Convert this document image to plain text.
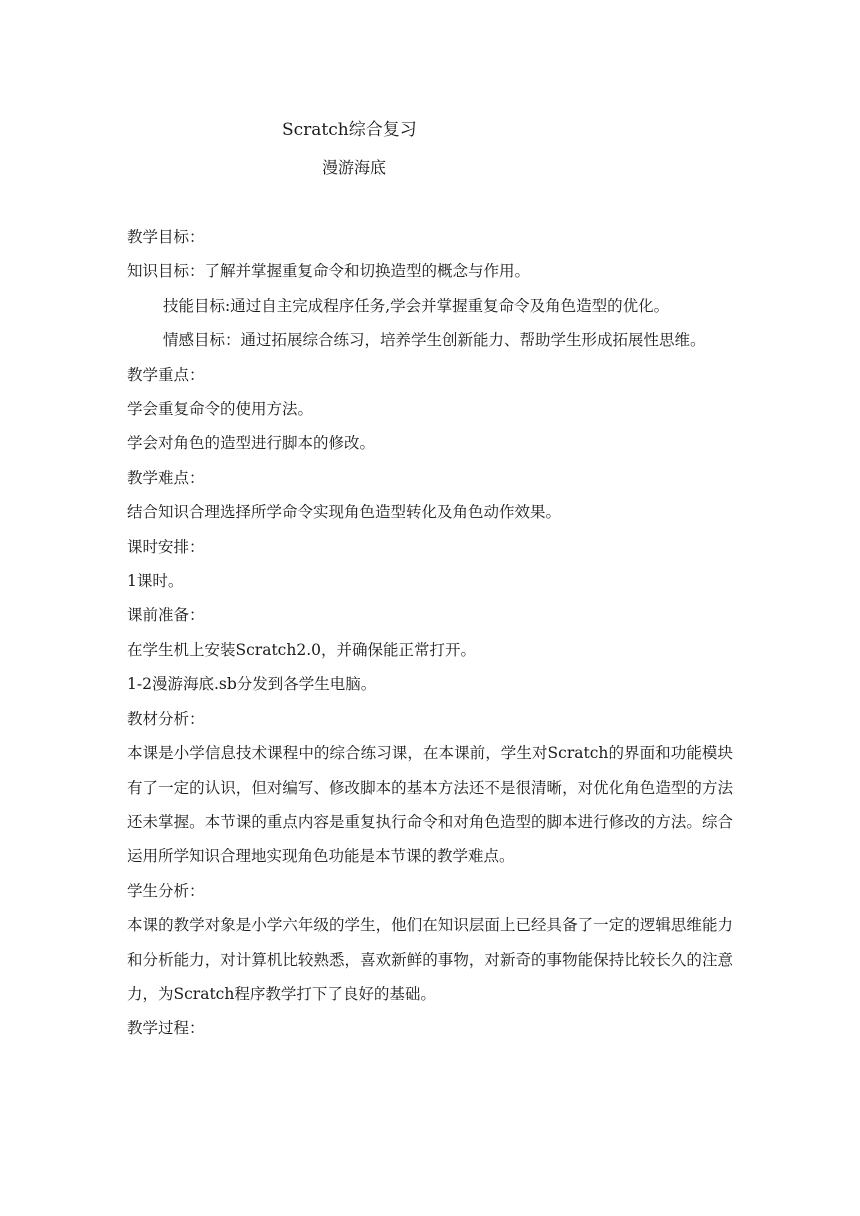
Scratch综合复习
漫游海底

教学目标：

知识目标：了解并掌握重复命令和切换造型的概念与作用。

技能目标:通过自主完成程序任务,学会并掌握重复命令及角色造型的优化。

情感目标：通过拓展综合练习，培养学生创新能力、帮助学生形成拓展性思维。

教学重点：

学会重复命令的使用方法。

学会对角色的造型进行脚本的修改。

教学难点：

结合知识合理选择所学命令实现角色造型转化及角色动作效果。

课时安排：

1课时。

课前准备：

在学生机上安装Scratch2.0，并确保能正常打开。

1-2漫游海底.sb分发到各学生电脑。

教材分析：

本课是小学信息技术课程中的综合练习课，在本课前，学生对Scratch的界面和功能模块有了一定的认识，但对编写、修改脚本的基本方法还不是很清晰，对优化角色造型的方法还未掌握。本节课的重点内容是重复执行命令和对角色造型的脚本进行修改的方法。综合运用所学知识合理地实现角色功能是本节课的教学难点。

学生分析：

本课的教学对象是小学六年级的学生，他们在知识层面上已经具备了一定的逻辑思维能力和分析能力，对计算机比较熟悉，喜欢新鲜的事物，对新奇的事物能保持比较长久的注意力，为Scratch程序教学打下了良好的基础。

教学过程：
